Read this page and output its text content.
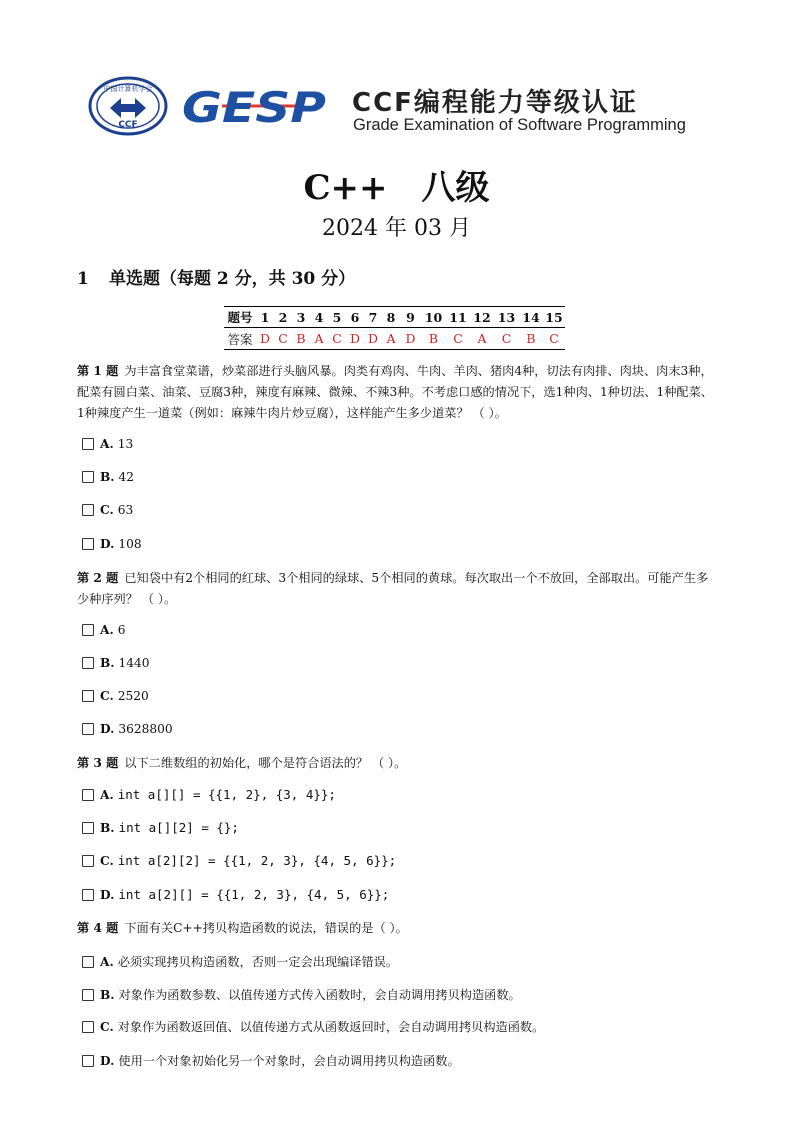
中国计算机学会
CCF GESP CCF编程能力等级认证
Grade Examination of Software Programming
C++ 八级
2024 年 03 月
1 单选题（每题 2 分，共 30 分）
题号	1	2	3	4	5	6	7	8	9	10	11	12	13	14	15
答案	D	C	B	A	C	D	D	A	D	B	C	A	C	B	C
第 1 题 为丰富食堂菜谱，炒菜部进行头脑风暴。肉类有鸡肉、牛肉、羊肉、猪肉4种，切法有肉排、肉块、肉末3种，配菜有圆白菜、油菜、豆腐3种，辣度有麻辣、微辣、不辣3种。不考虑口感的情况下，选1种肉、1种切法、1种配菜、1种辣度产生一道菜（例如：麻辣牛肉片炒豆腐），这样能产生多少道菜？ （ ）。
A. 13
B. 42
C. 63
D. 108
第 2 题 已知袋中有2个相同的红球、3个相同的绿球、5个相同的黄球。每次取出一个不放回，全部取出。可能产生多少种序列？ （ ）。
A. 6
B. 1440
C. 2520
D. 3628800
第 3 题 以下二维数组的初始化，哪个是符合语法的？ （ ）。
A. int a[][] = {{1, 2}, {3, 4}};
B. int a[][2] = {};
C. int a[2][2] = {{1, 2, 3}, {4, 5, 6}};
D. int a[2][] = {{1, 2, 3}, {4, 5, 6}};
第 4 题 下面有关C++拷贝构造函数的说法，错误的是（ ）。
A. 必须实现拷贝构造函数，否则一定会出现编译错误。
B. 对象作为函数参数、以值传递方式传入函数时，会自动调用拷贝构造函数。
C. 对象作为函数返回值、以值传递方式从函数返回时，会自动调用拷贝构造函数。
D. 使用一个对象初始化另一个对象时，会自动调用拷贝构造函数。
